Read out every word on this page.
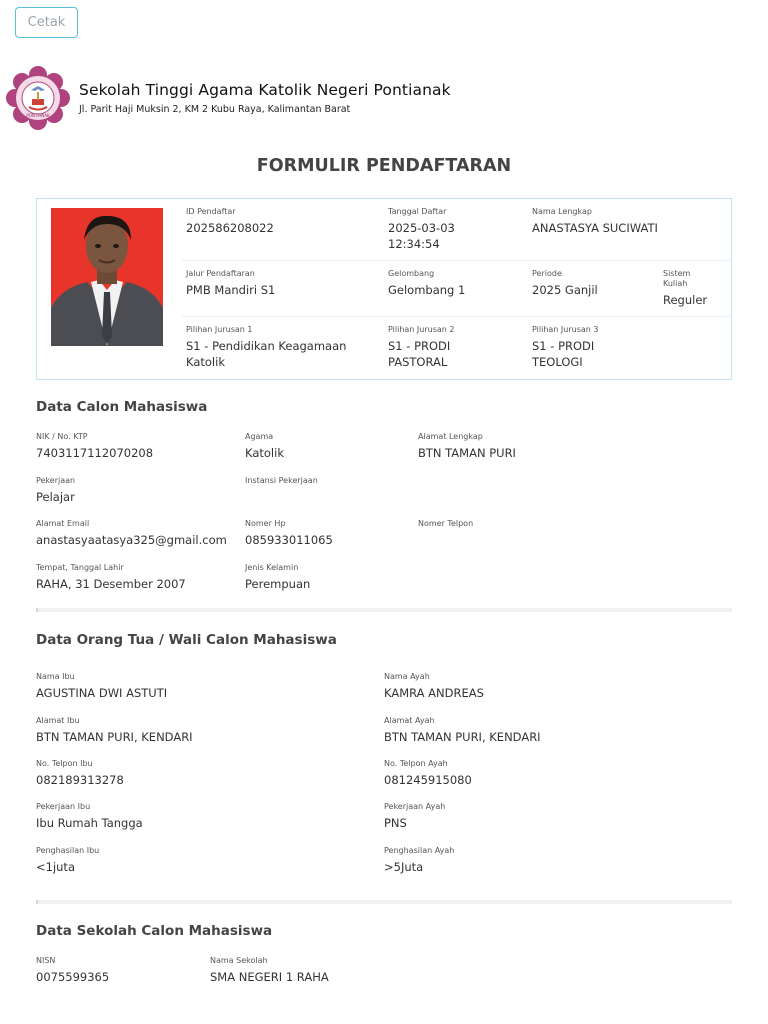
Cetak
PONTIANAK
Sekolah Tinggi Agama Katolik Negeri Pontianak
Jl. Parit Haji Muksin 2, KM 2 Kubu Raya, Kalimantan Barat
FORMULIR PENDAFTARAN
ID Pendaftar
202586208022
Tanggal Daftar
2025-03-03
12:34:54
Nama Lengkap
ANASTASYA SUCIWATI
Jalur Pendaftaran
PMB Mandiri S1
Gelombang
Gelombang 1
Periode
2025 Ganjil
Sistem
Kuliah
Reguler
Pilihan Jurusan 1
S1 - Pendidikan Keagamaan
Katolik
Pilihan Jurusan 2
S1 - PRODI
PASTORAL
Pilihan Jurusan 3
S1 - PRODI
TEOLOGI
Data Calon Mahasiswa
NIK / No. KTP
7403117112070208
Agama
Katolik
Alamat Lengkap
BTN TAMAN PURI
Pekerjaan
Pelajar
Instansi Pekerjaan
Alamat Email
anastasyaatasya325@gmail.com
Nomer Hp
085933011065
Nomer Telpon
Tempat, Tanggal Lahir
RAHA, 31 Desember 2007
Jenis Kelamin
Perempuan
Data Orang Tua / Wali Calon Mahasiswa
Nama Ibu
AGUSTINA DWI ASTUTI
Nama Ayah
KAMRA ANDREAS
Alamat Ibu
BTN TAMAN PURI, KENDARI
Alamat Ayah
BTN TAMAN PURI, KENDARI
No. Telpon Ibu
082189313278
No. Telpon Ayah
081245915080
Pekerjaan Ibu
Ibu Rumah Tangga
Pekerjaan Ayah
PNS
Penghasilan Ibu
<1juta
Penghasilan Ayah
>5Juta
Data Sekolah Calon Mahasiswa
NISN
0075599365
Nama Sekolah
SMA NEGERI 1 RAHA
